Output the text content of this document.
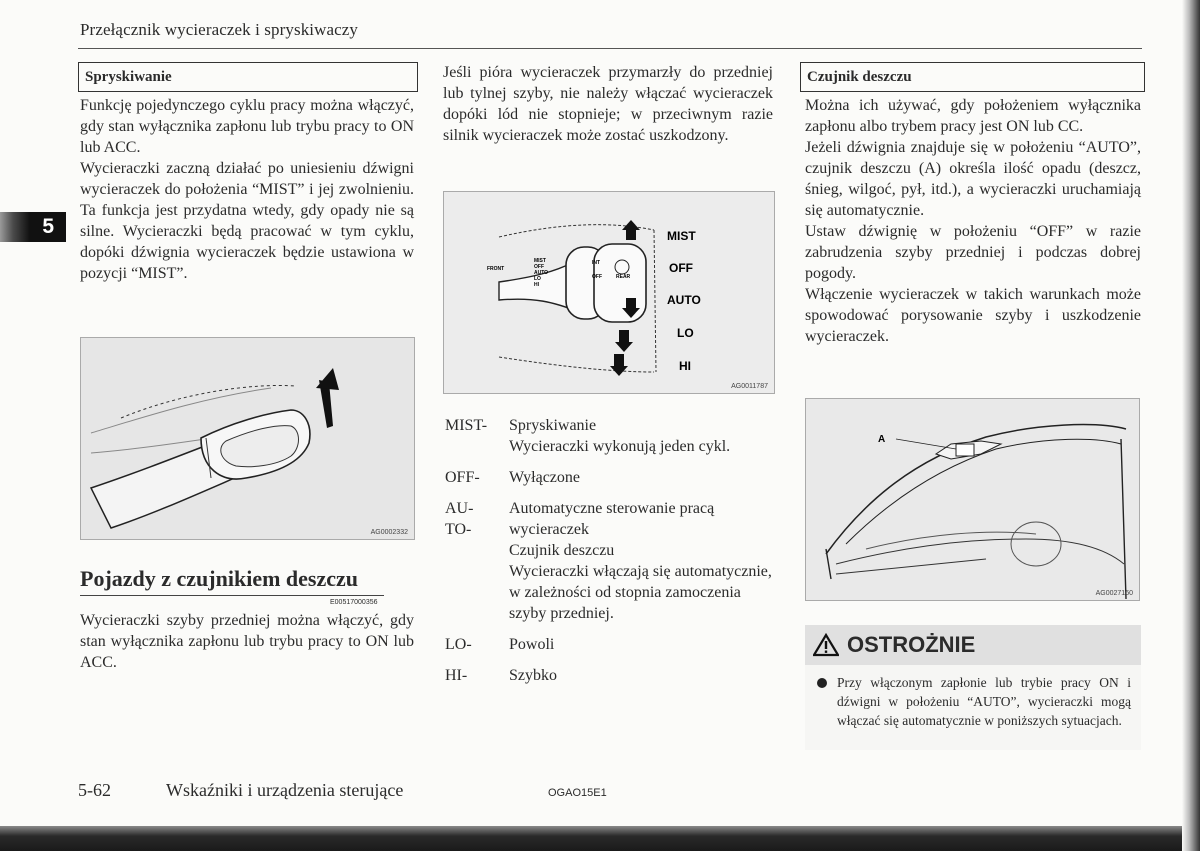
Przełącznik wycieraczek i spryskiwaczy
5
Spryskiwanie

Funkcję pojedynczego cyklu pracy można włączyć, gdy stan wyłącznika zapłonu lub trybu pracy to ON lub ACC.

Wycieraczki zaczną działać po uniesieniu dźwigni wycieraczek do położenia “MIST” i jej zwolnieniu. Ta funkcja jest przydatna wtedy, gdy opady nie są silne. Wycieraczki będą pracować w tym cyklu, dopóki dźwignia wycieraczek będzie ustawiona w pozycji “MIST”.

AG0002332
Pojazdy z czujnikiem deszczu
E00517000356
Wycieraczki szyby przedniej można włączyć, gdy stan wyłącznika zapłonu lub trybu pracy to ON lub ACC.
Jeśli pióra wycieraczek przymarzły do przedniej lub tylnej szyby, nie należy włączać wycieraczek dopóki lód nie stopnieje; w przeciwnym razie silnik wycieraczek może zostać uszkodzony.
FRONT
MIST
OFF
AUTO
LO
HI
INT
OFF	REAR
MIST
OFF
AUTO
LO
HI
AG0011787
MIST-	Spryskiwanie
Wycieraczki wykonują jeden cykl.
OFF-	Wyłączone
AU-
TO-
Automatyczne sterowanie pracą wycieraczek
Czujnik deszczu
Wycieraczki włączają się automatycznie, w zależności od stopnia zamoczenia szyby przedniej.
LO-	Powoli
HI-	Szybko
Czujnik deszczu

Można ich używać, gdy położeniem wyłącznika zapłonu albo trybem pracy jest ON lub CC.

Jeżeli dźwignia znajduje się w położeniu “AUTO”, czujnik deszczu (A) określa ilość opadu (deszcz, śnieg, wilgoć, pył, itd.), a wycieraczki uruchamiają się automatycznie.

Ustaw dźwignię w położeniu “OFF” w razie zabrudzenia szyby przedniej i podczas dobrej pogody.

Włączenie wycieraczek w takich warunkach może spowodować porysowanie szyby i uszkodzenie wycieraczek.

A
AG0027160
OSTROŻNIE
Przy włączonym zapłonie lub trybie pracy ON i dźwigni w położeniu “AUTO”, wycieraczki mogą włączać się automatycznie w poniższych sytuacjach.
5-62	Wskaźniki i urządzenia sterujące	OGAO15E1
